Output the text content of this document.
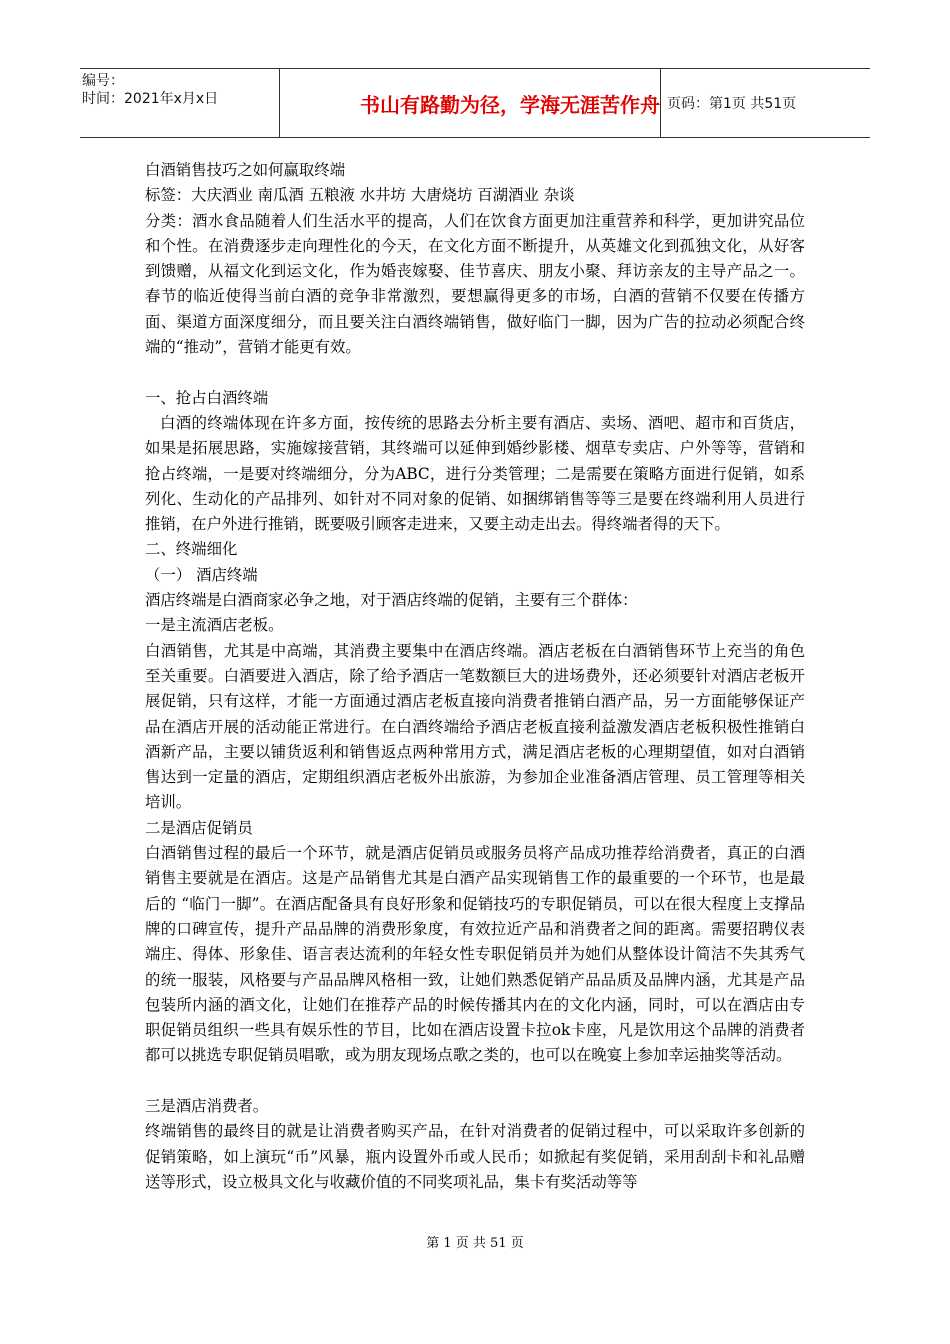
编号：
时间：2021年x月x日	书山有路勤为径，学海无涯苦作舟 页码：第1页 共51页

白酒销售技巧之如何赢取终端

标签：大庆酒业 南瓜酒 五粮液 水井坊 大唐烧坊 百湖酒业 杂谈

分类：酒水食品随着人们生活水平的提高，人们在饮食方面更加注重营养和科学，更加讲究品位和个性。在消费逐步走向理性化的今天，在文化方面不断提升，从英雄文化到孤独文化，从好客到馈赠，从福文化到运文化，作为婚丧嫁娶、佳节喜庆、朋友小聚、拜访亲友的主导产品之一。春节的临近使得当前白酒的竞争非常激烈，要想赢得更多的市场，白酒的营销不仅要在传播方面、渠道方面深度细分，而且要关注白酒终端销售，做好临门一脚，因为广告的拉动必须配合终端的“推动”，营销才能更有效。

一、抢占白酒终端

白酒的终端体现在许多方面，按传统的思路去分析主要有酒店、卖场、酒吧、超市和百货店，如果是拓展思路，实施嫁接营销，其终端可以延伸到婚纱影楼、烟草专卖店、户外等等，营销和抢占终端，一是要对终端细分，分为ABC，进行分类管理；二是需要在策略方面进行促销，如系列化、生动化的产品排列、如针对不同对象的促销、如捆绑销售等等三是要在终端利用人员进行推销，在户外进行推销，既要吸引顾客走进来，又要主动走出去。得终端者得的天下。

二、终端细化

（一） 酒店终端

酒店终端是白酒商家必争之地，对于酒店终端的促销，主要有三个群体：

一是主流酒店老板。

白酒销售，尤其是中高端，其消费主要集中在酒店终端。酒店老板在白酒销售环节上充当的角色至关重要。白酒要进入酒店，除了给予酒店一笔数额巨大的进场费外，还必须要针对酒店老板开展促销，只有这样，才能一方面通过酒店老板直接向消费者推销白酒产品，另一方面能够保证产品在酒店开展的活动能正常进行。在白酒终端给予酒店老板直接利益激发酒店老板积极性推销白酒新产品，主要以铺货返利和销售返点两种常用方式，满足酒店老板的心理期望值，如对白酒销售达到一定量的酒店，定期组织酒店老板外出旅游，为参加企业准备酒店管理、员工管理等相关培训。

二是酒店促销员

白酒销售过程的最后一个环节，就是酒店促销员或服务员将产品成功推荐给消费者，真正的白酒销售主要就是在酒店。这是产品销售尤其是白酒产品实现销售工作的最重要的一个环节，也是最后的 “临门一脚”。在酒店配备具有良好形象和促销技巧的专职促销员，可以在很大程度上支撑品牌的口碑宣传，提升产品品牌的消费形象度，有效拉近产品和消费者之间的距离。需要招聘仪表端庄、得体、形象佳、语言表达流利的年轻女性专职促销员并为她们从整体设计简洁不失其秀气的统一服装，风格要与产品品牌风格相一致，让她们熟悉促销产品品质及品牌内涵，尤其是产品包装所内涵的酒文化，让她们在推荐产品的时候传播其内在的文化内涵，同时，可以在酒店由专职促销员组织一些具有娱乐性的节目，比如在酒店设置卡拉ok卡座，凡是饮用这个品牌的消费者都可以挑选专职促销员唱歌，或为朋友现场点歌之类的，也可以在晚宴上参加幸运抽奖等活动。

三是酒店消费者。

终端销售的最终目的就是让消费者购买产品，在针对消费者的促销过程中，可以采取许多创新的促销策略，如上演玩“币”风暴，瓶内设置外币或人民币；如掀起有奖促销，采用刮刮卡和礼品赠送等形式，设立极具文化与收藏价值的不同奖项礼品，集卡有奖活动等等

第 1 页 共 51 页
